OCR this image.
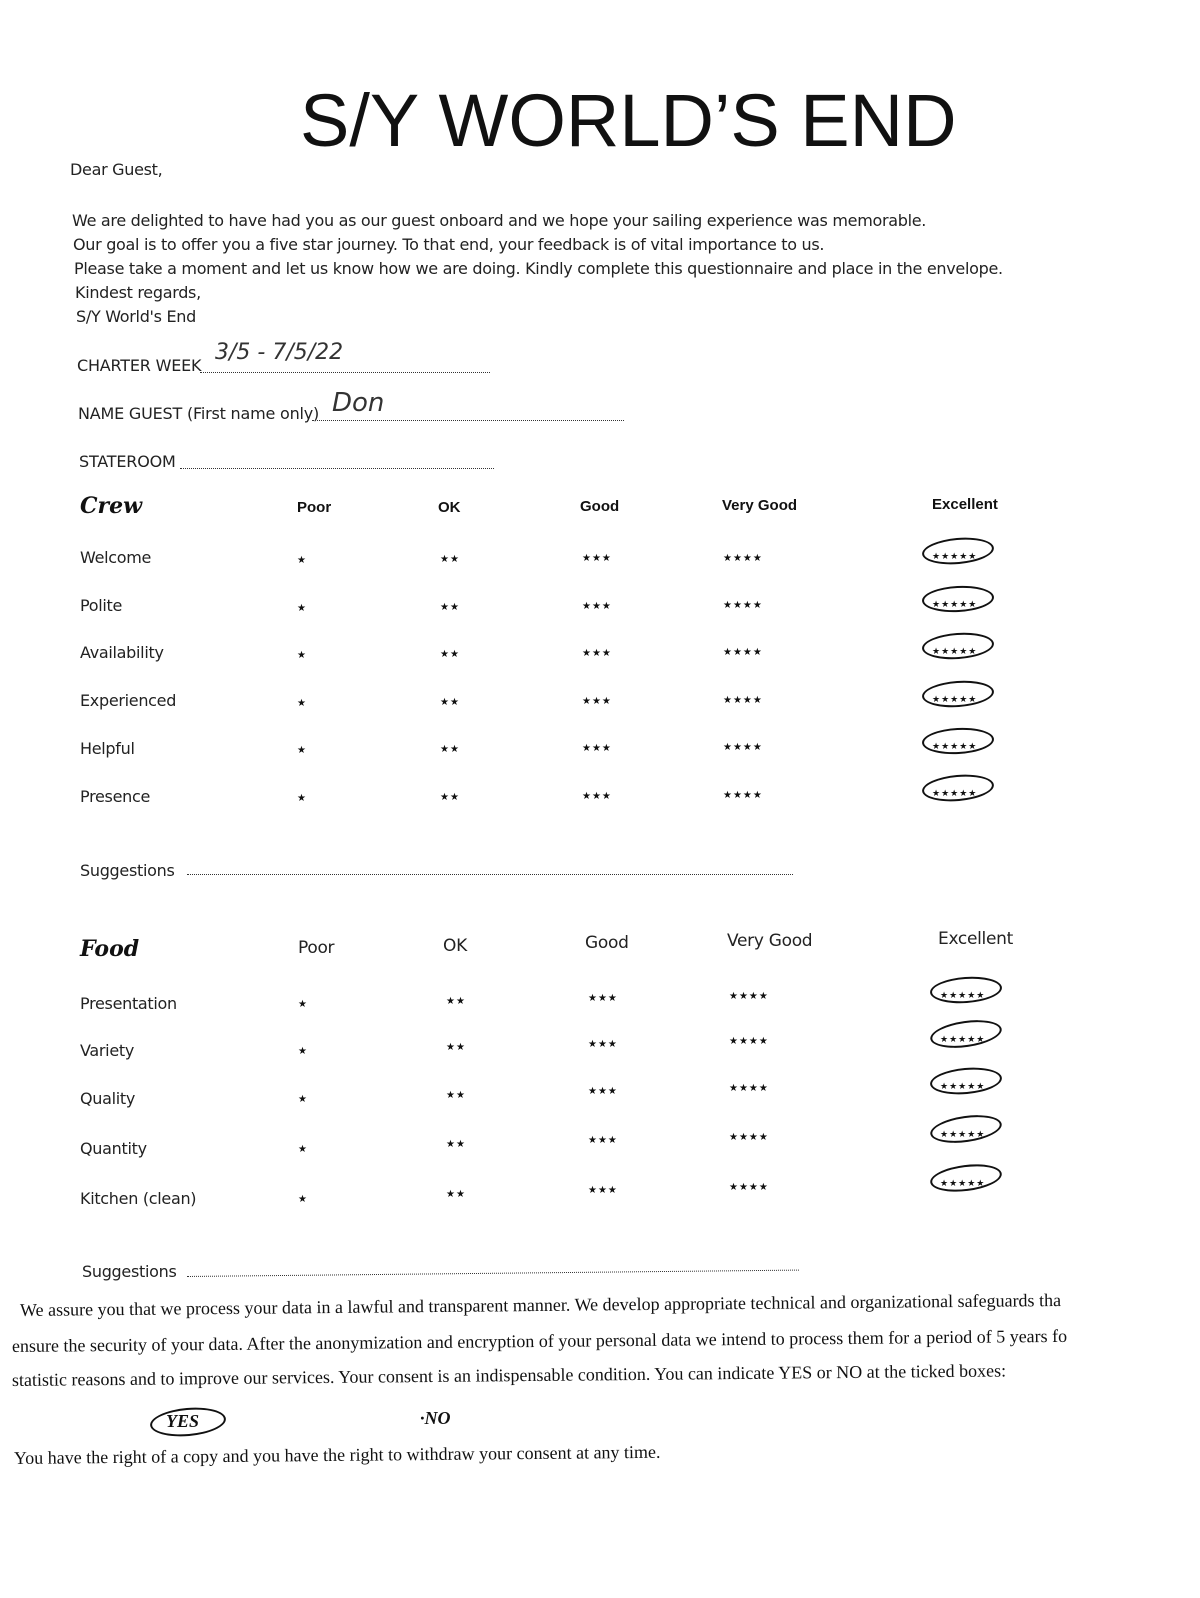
S/Y WORLD’S END
Dear Guest,
We are delighted to have had you as our guest onboard and we hope your sailing experience was memorable.
Our goal is to offer you a five star journey. To that end, your feedback is of vital importance to us.
Please take a moment and let us know how we are doing. Kindly complete this questionnaire and place in the envelope.
Kindest regards,
S/Y World's End
CHARTER WEEK
3/5 - 7/5/22
NAME GUEST (First name only) Don
STATEROOM
Crew	Poor	OK	Good	Very Good	Excellent
Welcome	★	★★	★★★	★★★★	★★★★★
Polite	★	★★	★★★	★★★★	★★★★★
Availability	★	★★	★★★	★★★★	★★★★★
Experienced	★	★★	★★★	★★★★	★★★★★
Helpful	★	★★	★★★	★★★★	★★★★★
Presence	★	★★	★★★	★★★★	★★★★★
Suggestions
Food	Poor	OK	Good	Very Good	Excellent
Presentation	★	★★	★★★	★★★★	★★★★★
Variety	★	★★	★★★	★★★★	★★★★★
Quality	★	★★	★★★	★★★★	★★★★★
Quantity	★	★★	★★★	★★★★	★★★★★
Kitchen (clean)	★	★★	★★★	★★★★	★★★★★
Suggestions
We assure you that we process your data in a lawful and transparent manner. We develop appropriate technical and organizational safeguards tha
ensure the security of your data. After the anonymization and encryption of your personal data we intend to process them for a period of 5 years fo
statistic reasons and to improve our services. Your consent is an indispensable condition. You can indicate YES or NO at the ticked boxes:
YES	·NO
You have the right of a copy and you have the right to withdraw your consent at any time.
